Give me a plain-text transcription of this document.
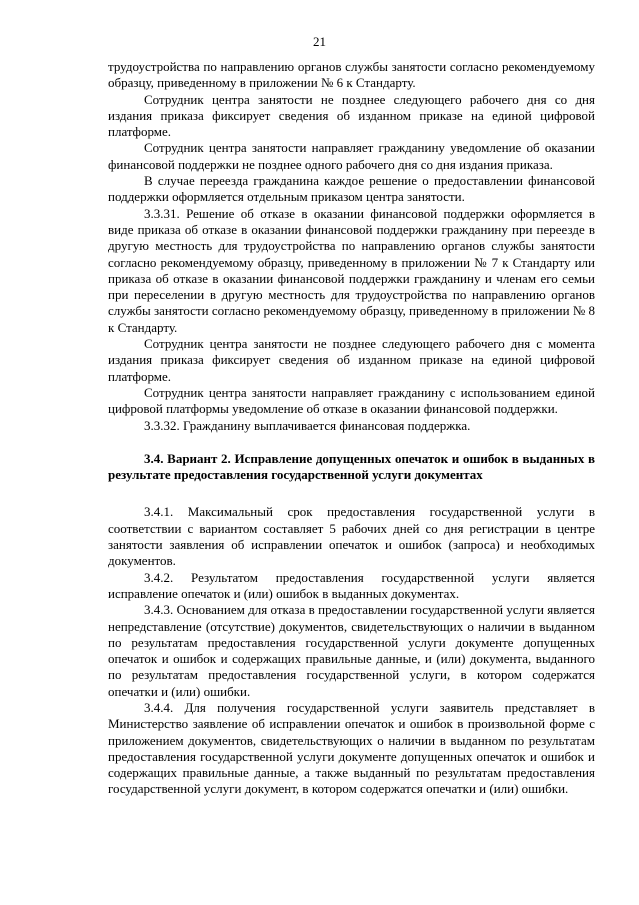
21

трудоустройства по направлению органов службы занятости согласно рекомендуемому образцу, приведенному в приложении № 6 к Стандарту.

Сотрудник центра занятости не позднее следующего рабочего дня со дня издания приказа фиксирует сведения об изданном приказе на единой цифровой платформе.

Сотрудник центра занятости направляет гражданину уведомление об оказании финансовой поддержки не позднее одного рабочего дня со дня издания приказа.

В случае переезда гражданина каждое решение о предоставлении финансовой поддержки оформляется отдельным приказом центра занятости.

3.3.31. Решение об отказе в оказании финансовой поддержки оформляется в виде приказа об отказе в оказании финансовой поддержки гражданину при переезде в другую местность для трудоустройства по направлению органов службы занятости согласно рекомендуемому образцу, приведенному в приложении № 7 к Стандарту или приказа об отказе в оказании финансовой поддержки гражданину и членам его семьи при переселении в другую местность для трудоустройства по направлению органов службы занятости согласно рекомендуемому образцу, приведенному в приложении № 8 к Стандарту.

Сотрудник центра занятости не позднее следующего рабочего дня с момента издания приказа фиксирует сведения об изданном приказе на единой цифровой платформе.

Сотрудник центра занятости направляет гражданину с использованием единой цифровой платформы уведомление об отказе в оказании финансовой поддержки.

3.3.32. Гражданину выплачивается финансовая поддержка.

3.4. Вариант 2. Исправление допущенных опечаток и ошибок в выданных в результате предоставления государственной услуги документах

3.4.1. Максимальный срок предоставления государственной услуги в соответствии с вариантом составляет 5 рабочих дней со дня регистрации в центре занятости заявления об исправлении опечаток и ошибок (запроса) и необходимых документов.

3.4.2. Результатом предоставления государственной услуги является исправление опечаток и (или) ошибок в выданных документах.

3.4.3. Основанием для отказа в предоставлении государственной услуги является непредставление (отсутствие) документов, свидетельствующих о наличии в выданном по результатам предоставления государственной услуги документе допущенных опечаток и ошибок и содержащих правильные данные, и (или) документа, выданного по результатам предоставления государственной услуги, в котором содержатся опечатки и (или) ошибки.

3.4.4. Для получения государственной услуги заявитель представляет в Министерство заявление об исправлении опечаток и ошибок в произвольной форме с приложением документов, свидетельствующих о наличии в выданном по результатам предоставления государственной услуги документе допущенных опечаток и ошибок и содержащих правильные данные, а также выданный по результатам предоставления государственной услуги документ, в котором содержатся опечатки и (или) ошибки.
